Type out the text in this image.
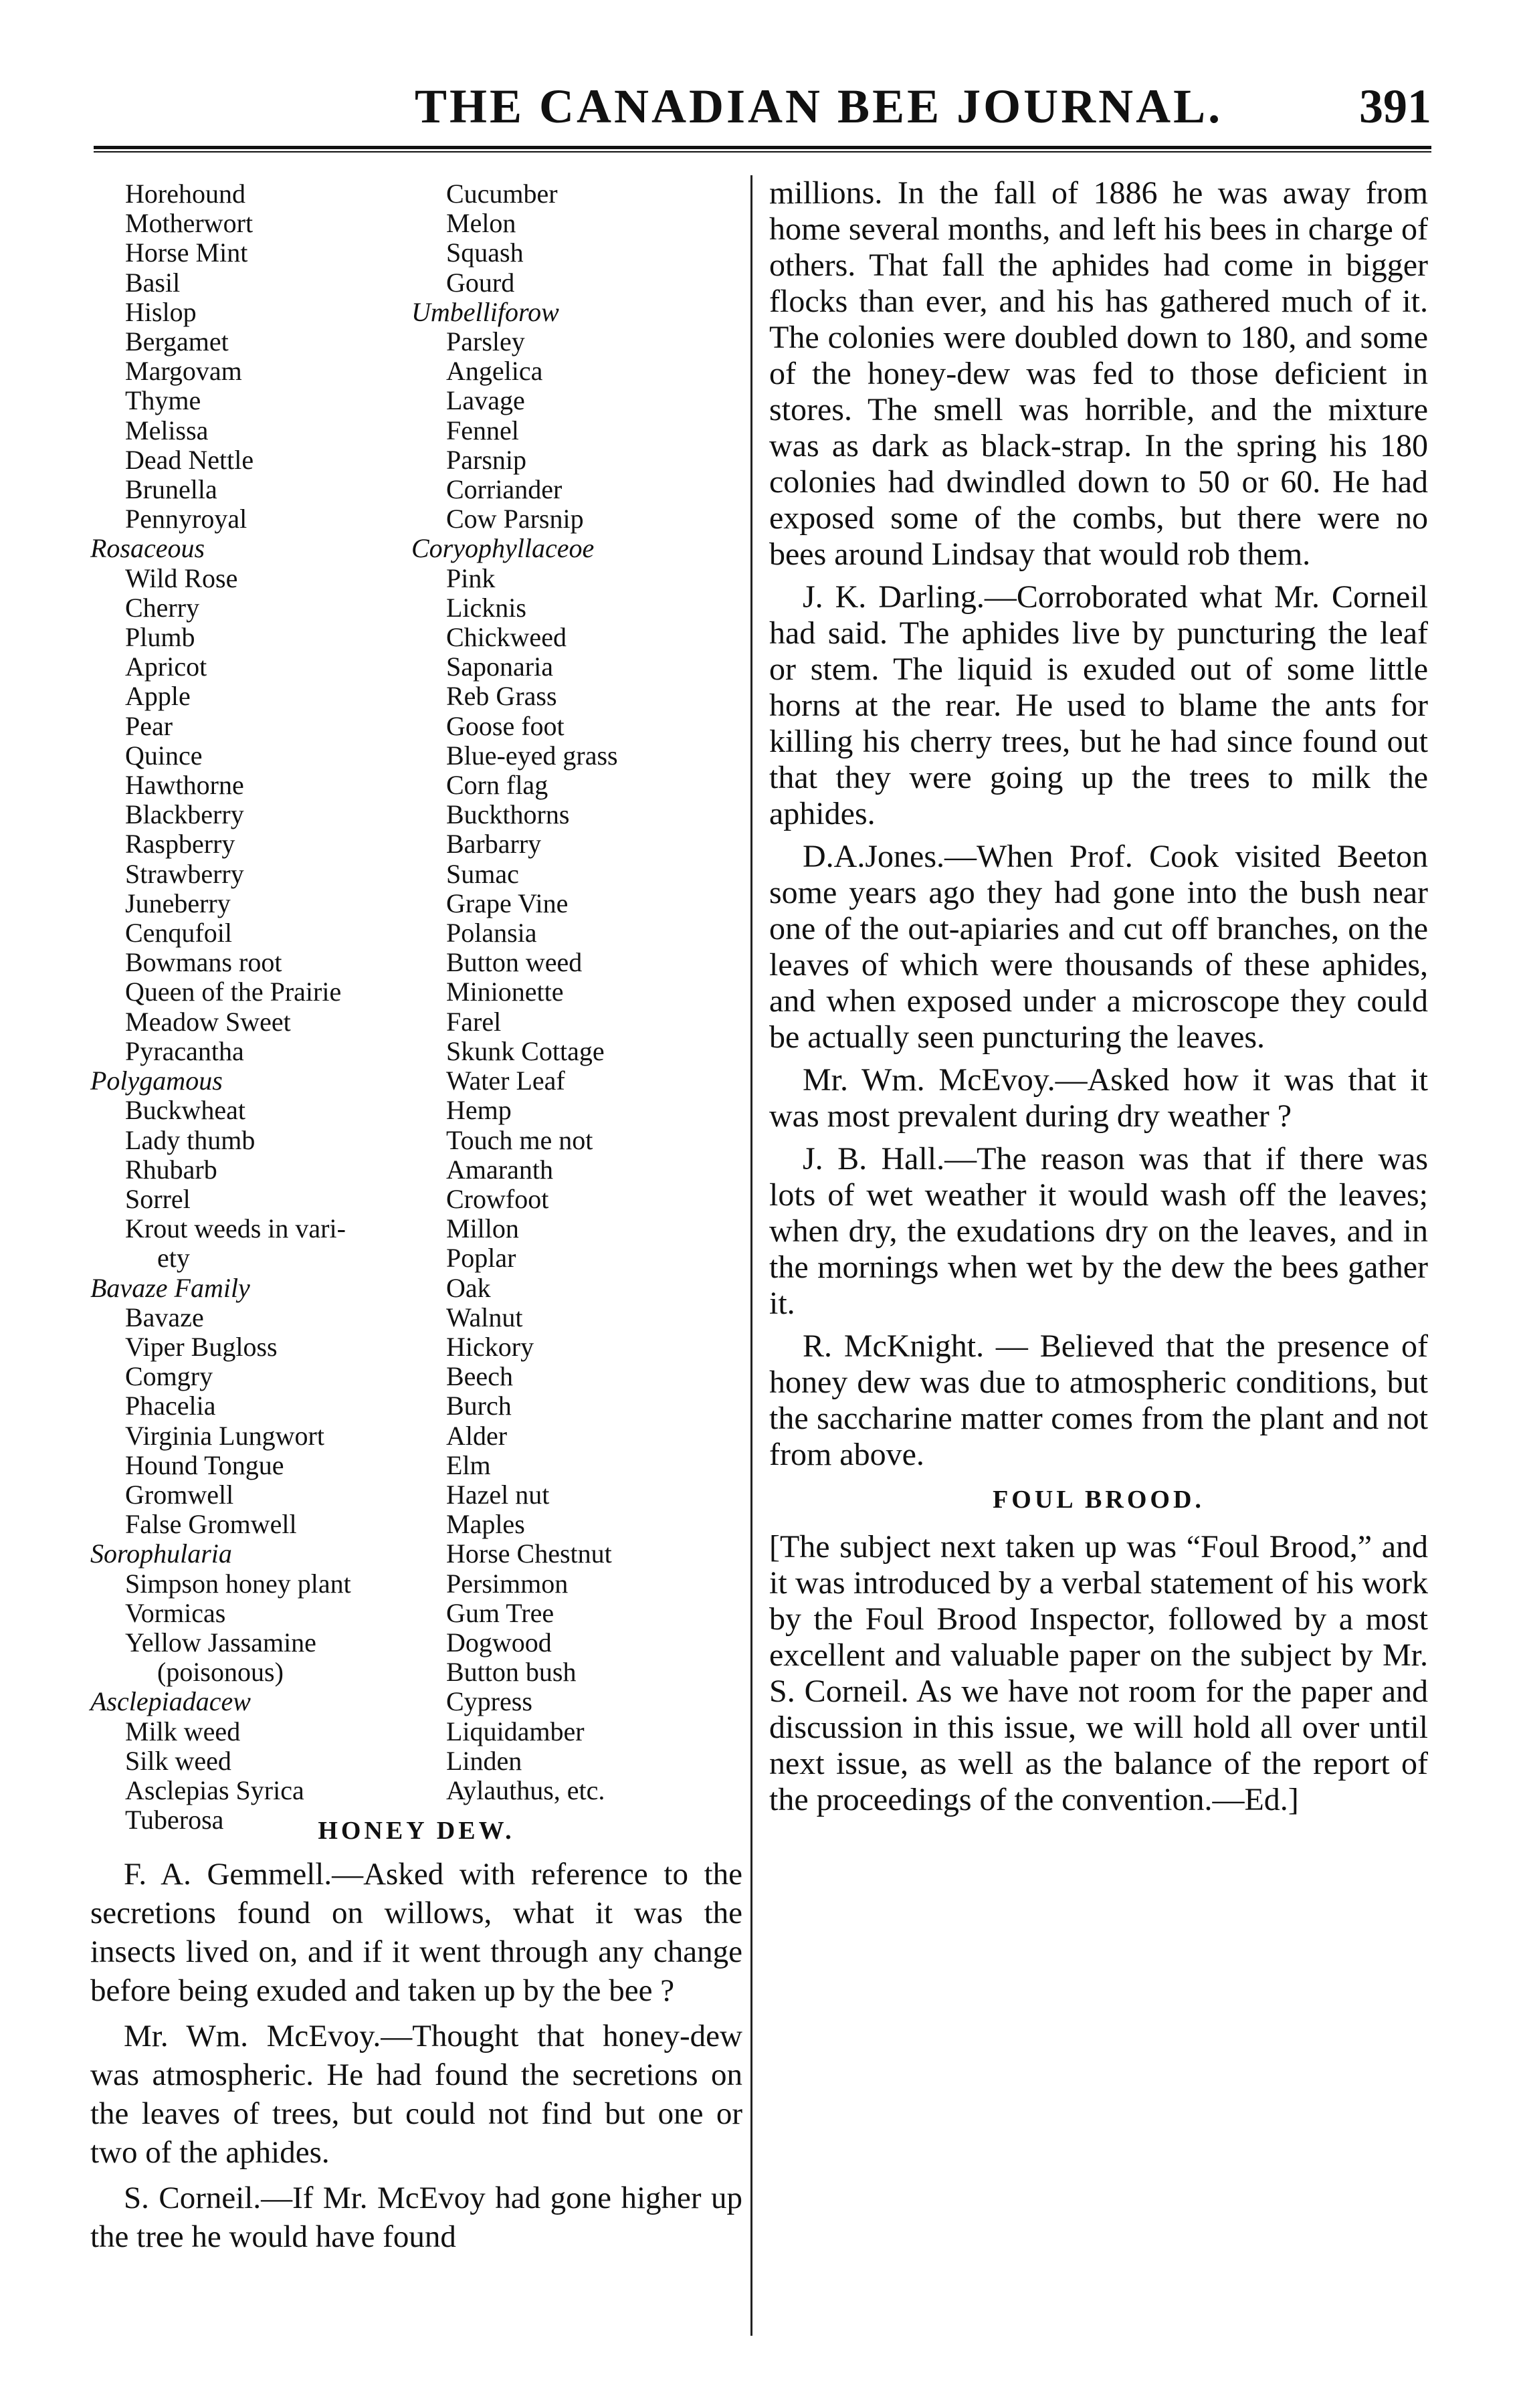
THE CANADIAN BEE JOURNAL.	391
Horehound
Motherwort
Horse Mint
Basil
Hislop
Bergamet
Margovam
Thyme
Melissa
Dead Nettle
Brunella
Pennyroyal
Rosaceous
Wild Rose
Cherry
Plumb
Apricot
Apple
Pear
Quince
Hawthorne
Blackberry
Raspberry
Strawberry
Juneberry
Cenqufoil
Bowmans root
Queen of the Prairie
Meadow Sweet
Pyracantha
Polygamous
Buckwheat
Lady thumb
Rhubarb
Sorrel
Krout weeds in vari-
ety
Bavaze Family
Bavaze
Viper Bugloss
Comgry
Phacelia
Virginia Lungwort
Hound Tongue
Gromwell
False Gromwell
Sorophularia
Simpson honey plant
Vormicas
Yellow Jassamine
(poisonous)
Asclepiadacew
Milk weed
Silk weed
Asclepias Syrica
Tuberosa
Cucumber
Melon
Squash
Gourd
Umbelliforow
Parsley
Angelica
Lavage
Fennel
Parsnip
Corriander
Cow Parsnip
Coryophyllaceoe
Pink
Licknis
Chickweed
Saponaria
Reb Grass
Goose foot
Blue-eyed grass
Corn flag
Buckthorns
Barbarry
Sumac
Grape Vine
Polansia
Button weed
Minionette
Farel
Skunk Cottage
Water Leaf
Hemp
Touch me not
Amaranth
Crowfoot
Millon
Poplar
Oak
Walnut
Hickory
Beech
Burch
Alder
Elm
Hazel nut
Maples
Horse Chestnut
Persimmon
Gum Tree
Dogwood
Button bush
Cypress
Liquidamber
Linden
Aylauthus, etc.
HONEY DEW.

F. A. Gemmell.—Asked with reference to the secretions found on willows, what it was the insects lived on, and if it went through any change before being exuded and taken up by the bee ?

Mr. Wm. McEvoy.—Thought that honey-dew was atmospheric. He had found the secretions on the leaves of trees, but could not find but one or two of the aphides.

S. Corneil.—If Mr. McEvoy had gone higher up the tree he would have found

millions. In the fall of 1886 he was away from home several months, and left his bees in charge of others. That fall the aphides had come in bigger flocks than ever, and his has gathered much of it. The colonies were doubled down to 180, and some of the honey-dew was fed to those deficient in stores. The smell was horrible, and the mixture was as dark as black-strap. In the spring his 180 colonies had dwindled down to 50 or 60. He had exposed some of the combs, but there were no bees around Lindsay that would rob them.

J. K. Darling.—Corroborated what Mr. Corneil had said. The aphides live by puncturing the leaf or stem. The liquid is exuded out of some little horns at the rear. He used to blame the ants for killing his cherry trees, but he had since found out that they were going up the trees to milk the aphides.

D.A.Jones.—When Prof. Cook visited Beeton some years ago they had gone into the bush near one of the out-apiaries and cut off branches, on the leaves of which were thousands of these aphides, and when exposed under a microscope they could be actually seen puncturing the leaves.

Mr. Wm. McEvoy.—Asked how it was that it was most prevalent during dry weather ?

J. B. Hall.—The reason was that if there was lots of wet weather it would wash off the leaves; when dry, the exudations dry on the leaves, and in the mornings when wet by the dew the bees gather it.

R. McKnight. — Believed that the presence of honey dew was due to atmospheric conditions, but the saccharine matter comes from the plant and not from above.

FOUL BROOD.

[The subject next taken up was “Foul Brood,” and it was introduced by a verbal statement of his work by the Foul Brood Inspector, followed by a most excellent and valuable paper on the subject by Mr. S. Corneil. As we have not room for the paper and discussion in this issue, we will hold all over until next issue, as well as the balance of the report of the proceedings of the convention.—Ed.]
